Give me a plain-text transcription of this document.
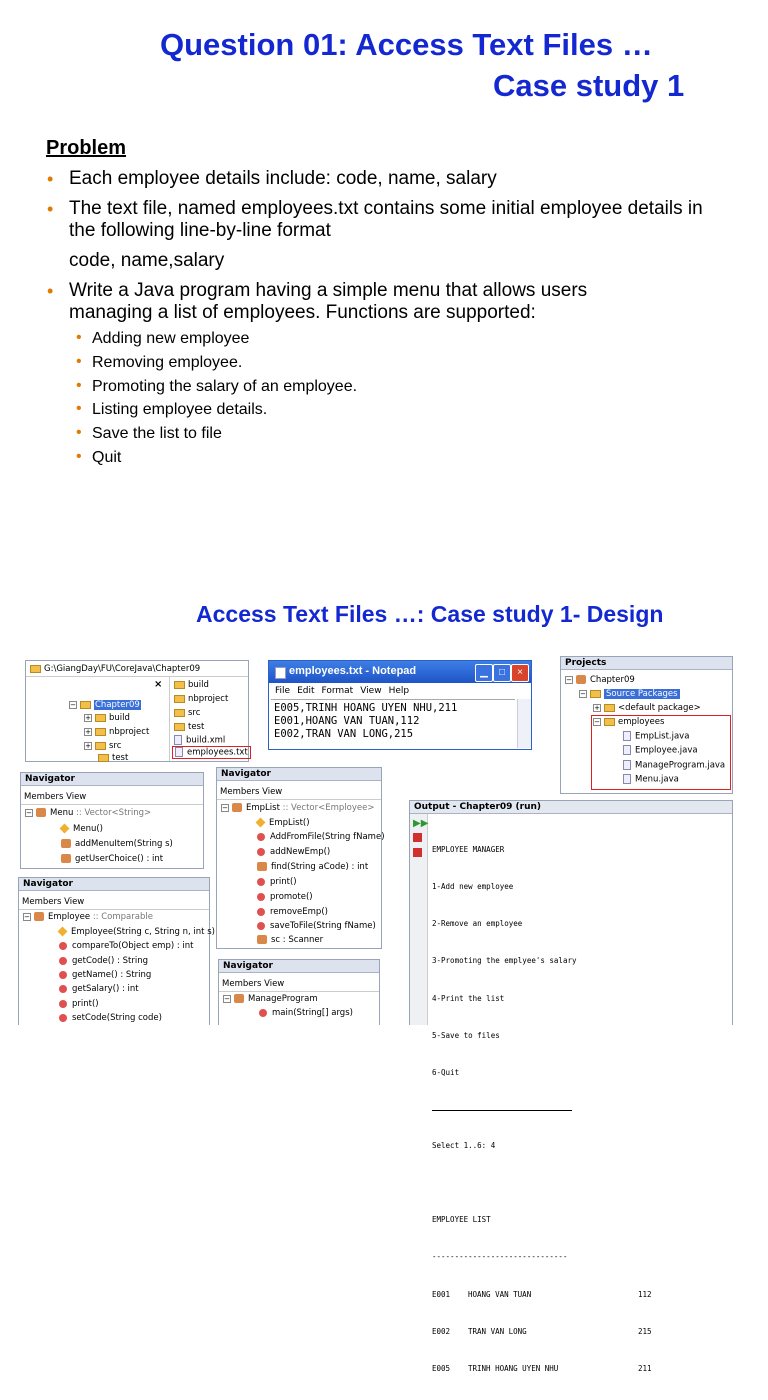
Question 01: Access Text Files …
Case study 1
Problem
• Each employee details include: code, name, salary
• The text file, named employees.txt contains some initial employee details in the following line-by-line format
code, name,salary
• Write a Java program having a simple menu that allows users managing a list of employees. Functions are supported:
• Adding new employee
• Removing employee.
• Promoting the salary of an employee.
• Listing employee details.
• Save the list to file
• Quit
Access Text Files …: Case study 1- Design
G:\GiangDay\FU\CoreJava\Chapter09
×
− Chapter09
+ build
+ nbproject
+ src
test
build
nbproject
src
test
build.xml
employees.txt
employees.txt - Notepad	▁	□	×
File Edit Format View Help
E005,TRINH HOANG UYEN NHU,211
E001,HOANG VAN TUAN,112
E002,TRAN VAN LONG,215
Projects
− Chapter09
− Source Packages
+ <default package>
− employees
EmpList.java
Employee.java
ManageProgram.java
Menu.java
Navigator
Members View
− Menu :: Vector<String>
Menu()
addMenuItem(String s)
getUserChoice() : int
Navigator
Members View
− EmpList :: Vector<Employee>
EmpList()
AddFromFile(String fName)
addNewEmp()
find(String aCode) : int
print()
promote()
removeEmp()
saveToFile(String fName)
sc : Scanner
Navigator
Members View
− Employee :: Comparable
Employee(String c, String n, int s)
compareTo(Object emp) : int
getCode() : String
getName() : String
getSalary() : int
print()
setCode(String code)
Navigator
Members View
− ManageProgram
main(String[] args)
Output - Chapter09 (run)
▶▶

EMPLOYEE MANAGER

1-Add new employee

2-Remove an employee

3-Promoting the emplyee's salary

4-Print the list

5-Save to files

6-Quit

Select 1..6: 4

EMPLOYEE LIST

------------------------------

E001 HOANG VAN TUAN	112

E002 TRAN VAN LONG	215

E005 TRINH HOANG UYEN NHU	211
